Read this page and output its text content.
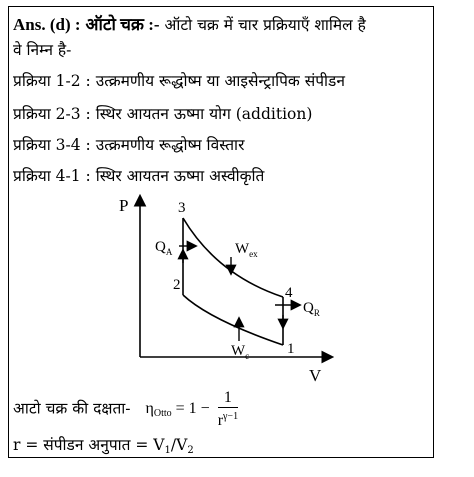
Ans. (d) : ऑटो चक्र :- ऑटो चक्र में चार प्रक्रियाएँ शामिल है
वे निम्न है-
प्रक्रिया 1-2 : उत्क्रमणीय रूद्धोष्म या आइसेन्ट्रापिक संपीडन
प्रक्रिया 2-3 : स्थिर आयतन ऊष्मा योग (addition)
प्रक्रिया 3-4 : उत्क्रमणीय रूद्धोष्म विस्तार
प्रक्रिया 4-1 : स्थिर आयतन ऊष्मा अस्वीकृति
P
V
3
2	4
1
$Q_A$
$Q_R$
$W_{ex}$
$W_c$
आटो चक्र की दक्षता- $\eta_{Otto} = 1 - \frac{1}{r^{\gamma-1}}$
r = संपीडन अनुपात = $V_1/V_2$
